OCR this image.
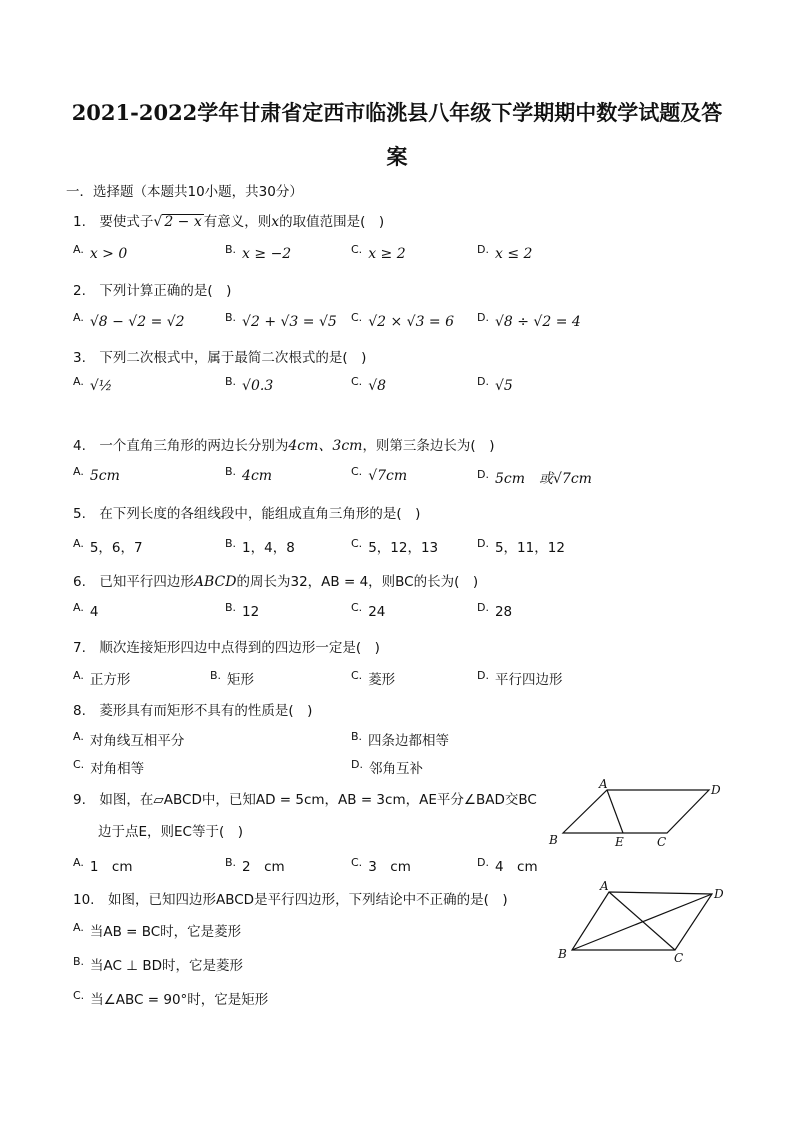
2021-2022学年甘肃省定西市临洮县八年级下学期期中数学试题及答
案
一．选择题（本题共10小题，共30分）
1.　 要使式子√ 2 − x 有意义，则x的取值范围是(　)
$^{A.}$ x > 0	$^{B.}$ x ≥ −2	$^{C.}$ x ≥ 2	$^{D.}$ x ≤ 2
2.　 下列计算正确的是(　)
$^{A.}$ √8 − √2 = √2	$^{B.}$ √2 + √3 = √5 $^{C.}$ √2 × √3 = 6 $^{D.}$ √8 ÷ √2 = 4
3.　 下列二次根式中，属于最简二次根式的是(　)
$^{A.}$ √½	$^{B.}$ √0.3	$^{C.}$ √8	$^{D.}$ √5
4.　 一个直角三角形的两边长分别为4cm、3cm，则第三条边长为(　)
$^{A.}$ 5cm	$^{B.}$ 4cm	$^{C.}$ √7cm	$^{D.}$ 5cm　或√7cm
5.　 在下列长度的各组线段中，能组成直角三角形的是(　)
$^{A.}$ 5，6，7	$^{B.}$ 1，4，8	$^{C.}$ 5，12，13	$^{D.}$ 5，11，12
6.　 已知平行四边形ABCD的周长为32，AB = 4，则BC的长为(　)
$^{A.}$ 4	$^{B.}$ 12	$^{C.}$ 24	$^{D.}$ 28
7.　 顺次连接矩形四边中点得到的四边形一定是(　)
$^{A.}$ 正方形	$^{B.}$ 矩形	$^{C.}$ 菱形	$^{D.}$ 平行四边形
8.　 菱形具有而矩形不具有的性质是(　)
$^{A.}$ 对角线互相平分	$^{B.}$ 四条边都相等
$^{C.}$ 对角相等	$^{D.}$ 邻角互补
9.　 如图，在▱ABCD中，已知AD = 5cm，AB = 3cm，AE平分∠BAD交BC
边于点E，则EC等于(　)
$^{A.}$ 1　cm	$^{B.}$ 2　cm	$^{C.}$ 3　cm	$^{D.}$ 4　cm
A	D
B	E	C
10.　 如图，已知四边形ABCD是平行四边形，下列结论中不正确的是(　)
$^{A.}$ 当AB = BC时，它是菱形
$^{B.}$ 当AC ⊥ BD时，它是菱形
$^{C.}$ 当∠ABC = 90°时，它是矩形
A
D
B	C
